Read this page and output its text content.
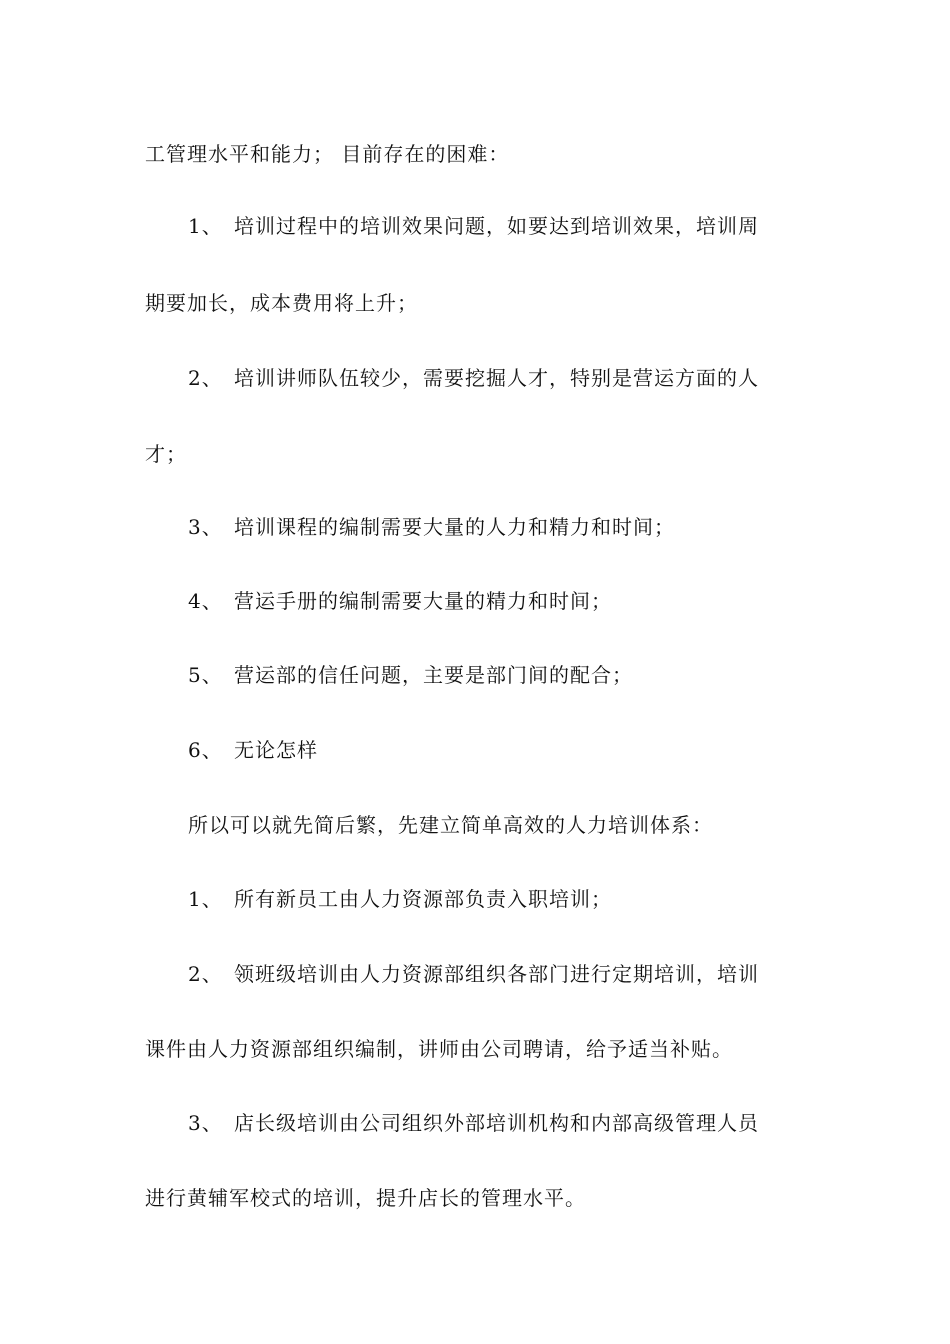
工管理水平和能力； 目前存在的困难：
1、 培训过程中的培训效果问题，如要达到培训效果，培训周
期要加长，成本费用将上升；
2、 培训讲师队伍较少，需要挖掘人才，特别是营运方面的人
才；
3、 培训课程的编制需要大量的人力和精力和时间；
4、 营运手册的编制需要大量的精力和时间；
5、 营运部的信任问题，主要是部门间的配合；
6、 无论怎样
所以可以就先简后繁，先建立简单高效的人力培训体系：
1、 所有新员工由人力资源部负责入职培训；
2、 领班级培训由人力资源部组织各部门进行定期培训，培训
课件由人力资源部组织编制，讲师由公司聘请，给予适当补贴。
3、 店长级培训由公司组织外部培训机构和内部高级管理人员
进行黄辅军校式的培训，提升店长的管理水平。
